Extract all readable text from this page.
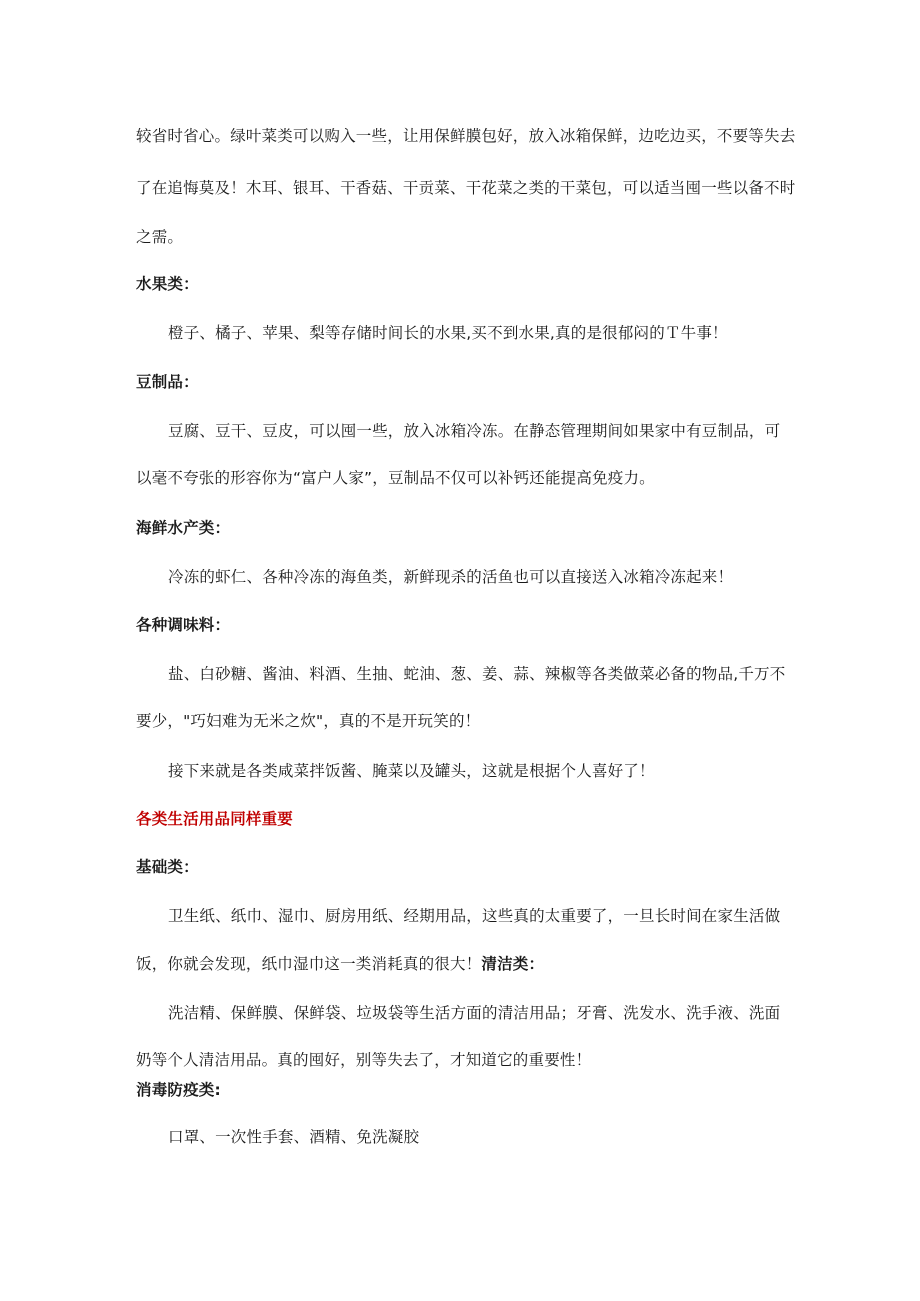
较省时省心。绿叶菜类可以购入一些，让用保鲜膜包好，放入冰箱保鲜，边吃边买，不要等失去
了在追悔莫及！木耳、银耳、干香菇、干贡菜、干花菜之类的干菜包，可以适当囤一些以备不时
之需。
水果类：
橙子、橘子、苹果、梨等存储时间长的水果,买不到水果,真的是很郁闷的Ｔ牛事！
豆制品：
豆腐、豆干、豆皮，可以囤一些，放入冰箱冷冻。在静态管理期间如果家中有豆制品，可
以毫不夸张的形容你为“富户人家”，豆制品不仅可以补钙还能提高免疫力。
海鲜水产类：
冷冻的虾仁、各种冷冻的海鱼类，新鲜现杀的活鱼也可以直接送入冰箱冷冻起来！
各种调味料：
盐、白砂糖、酱油、料酒、生抽、蛇油、葱、姜、蒜、辣椒等各类做菜必备的物品,千万不
要少，"巧妇难为无米之炊"，真的不是开玩笑的！
接下来就是各类咸菜拌饭酱、腌菜以及罐头，这就是根据个人喜好了！
各类生活用品同样重要
基础类：
卫生纸、纸巾、湿巾、厨房用纸、经期用品，这些真的太重要了，一旦长时间在家生活做
饭，你就会发现，纸巾湿巾这一类消耗真的很大！清洁类：
洗洁精、保鲜膜、保鲜袋、垃圾袋等生活方面的清洁用品；牙膏、洗发水、洗手液、洗面
奶等个人清洁用品。真的囤好，别等失去了，才知道它的重要性！
消毒防疫类:
口罩、一次性手套、酒精、免洗凝胶
